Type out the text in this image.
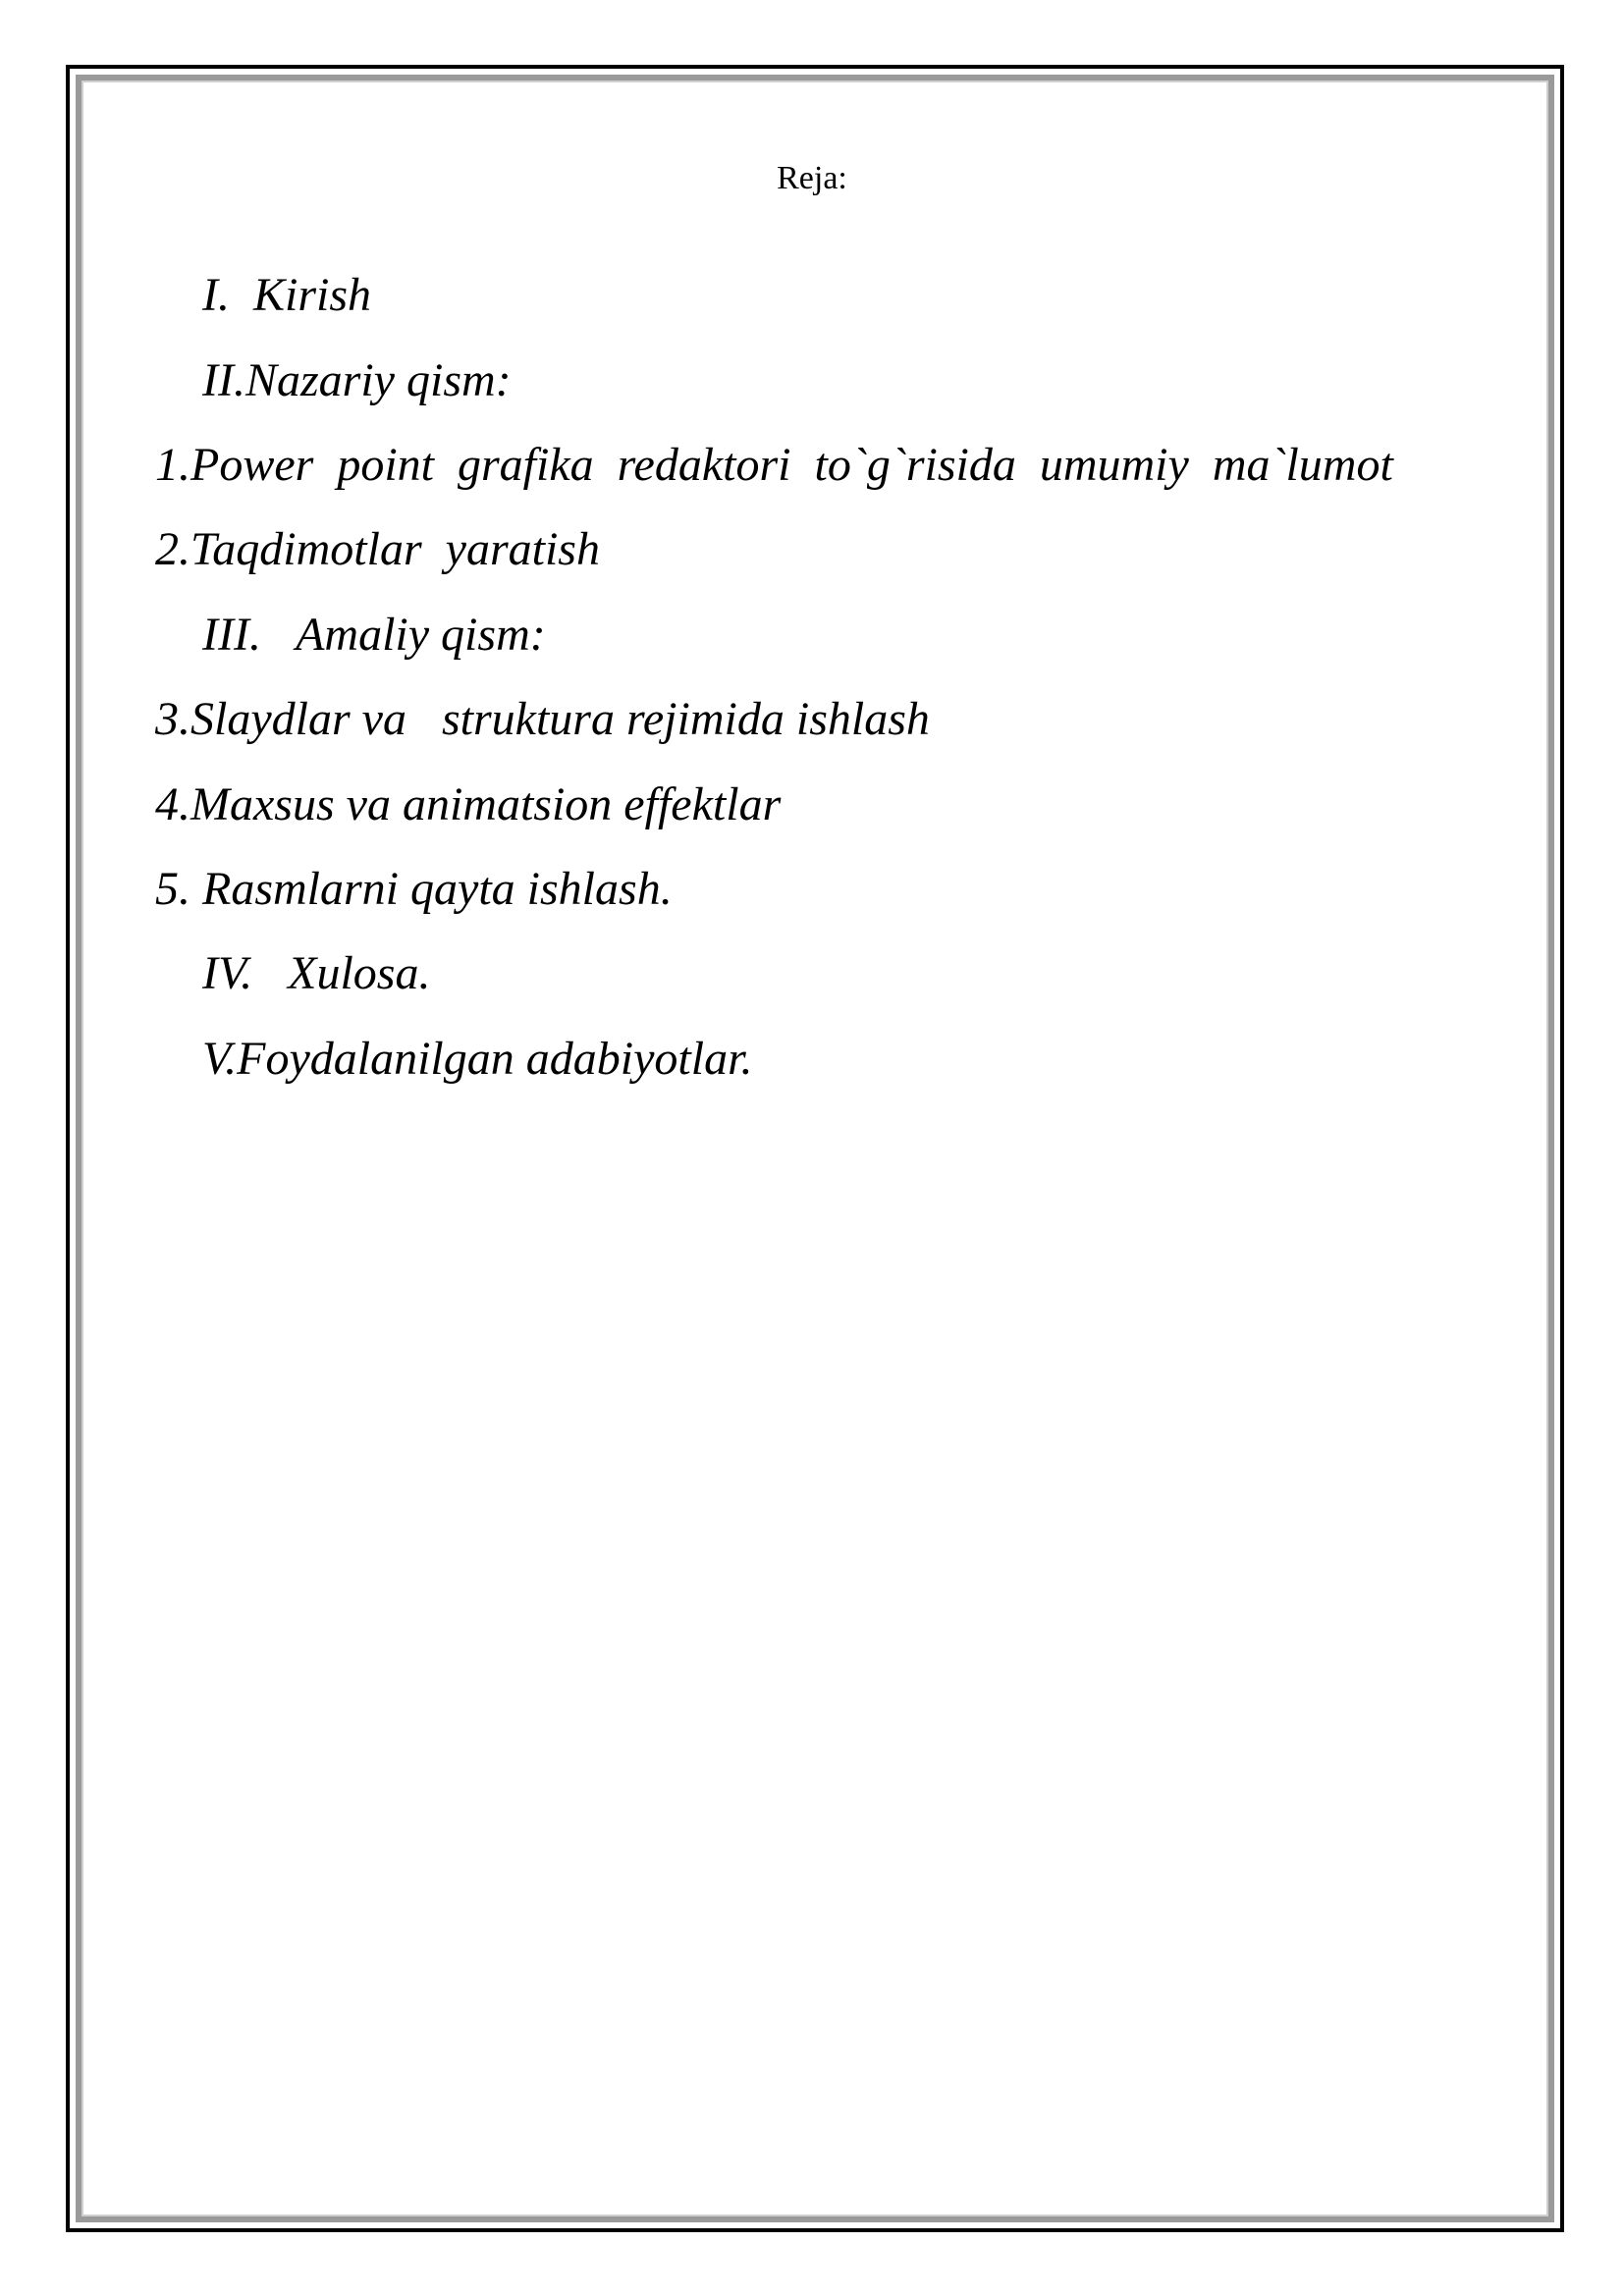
Reja:
I.  Kirish
II.Nazariy qism:
1.Power  point  grafika  redaktori  to`g`risida  umumiy  ma`lumot
2.Taqdimotlar  yaratish
III.   Amaliy qism:
3.Slaydlar va   struktura rejimida ishlash
4.Maxsus va animatsion effektlar
5. Rasmlarni qayta ishlash.
IV.   Xulosa.
V.Foydalanilgan adabiyotlar.
